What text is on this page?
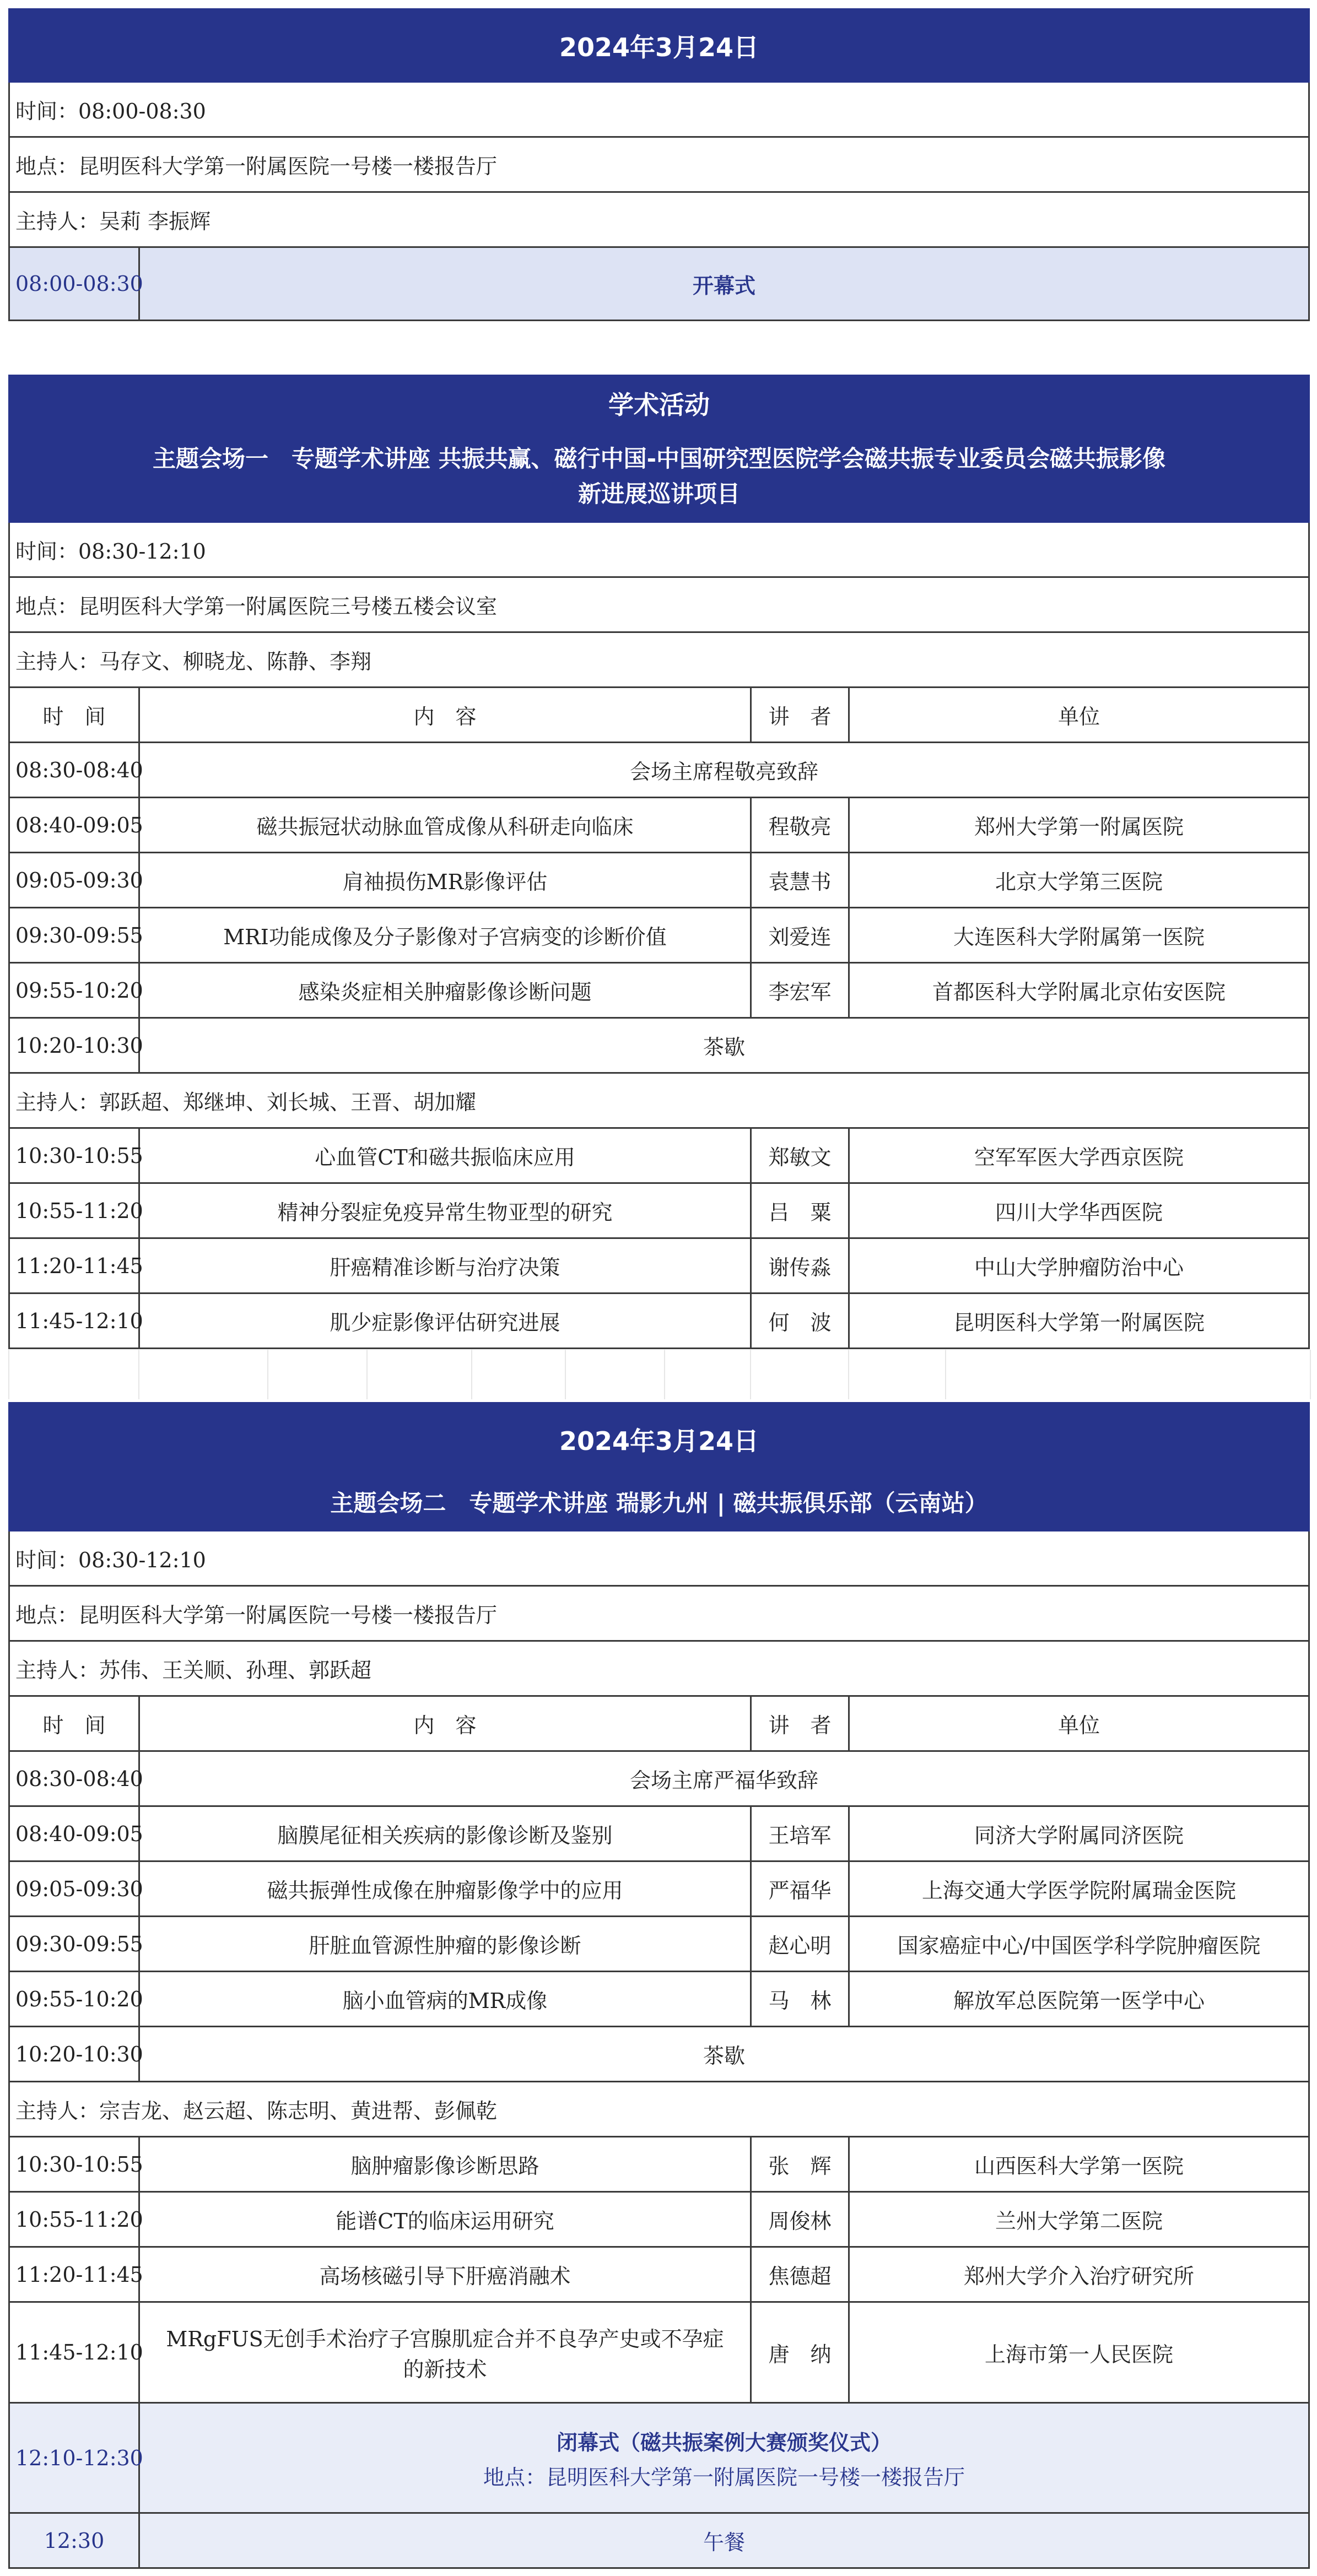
2024年3月24日
时间：08:00-08:30
地点：昆明医科大学第一附属医院一号楼一楼报告厅
主持人：吴莉 李振辉
08:00-08:30	开幕式
学术活动			

主题会场一　专题学术讲座 共振共赢、磁行中国-中国研究型医院学会磁共振专业委员会磁共振影像
新进展巡讲项目			

时间：08:30-12:10			
地点：昆明医科大学第一附属医院三号楼五楼会议室			
主持人：马存文、柳晓龙、陈静、李翔			
时　间	内　容	讲　者	单位
08:30-08:40	会场主席程敬亮致辞		
08:40-09:05	磁共振冠状动脉血管成像从科研走向临床	程敬亮	郑州大学第一附属医院
09:05-09:30	肩袖损伤MR影像评估	袁慧书	北京大学第三医院
09:30-09:55	MRI功能成像及分子影像对子宫病变的诊断价值	刘爱连	大连医科大学附属第一医院
09:55-10:20	感染炎症相关肿瘤影像诊断问题	李宏军	首都医科大学附属北京佑安医院
10:20-10:30	茶歇		
主持人：郭跃超、郑继坤、刘长城、王晋、胡加耀			
10:30-10:55	心血管CT和磁共振临床应用	郑敏文	空军军医大学西京医院
10:55-11:20	精神分裂症免疫异常生物亚型的研究	吕　粟	四川大学华西医院
11:20-11:45	肝癌精准诊断与治疗决策	谢传淼	中山大学肿瘤防治中心
11:45-12:10	肌少症影像评估研究进展	何　波	昆明医科大学第一附属医院
2024年3月24日			
主题会场二　专题学术讲座 瑞影九州 | 磁共振俱乐部（云南站）			
时间：08:30-12:10			
地点：昆明医科大学第一附属医院一号楼一楼报告厅			
主持人：苏伟、王关顺、孙理、郭跃超			
时　间	内　容	讲　者	单位
08:30-08:40	会场主席严福华致辞		
08:40-09:05	脑膜尾征相关疾病的影像诊断及鉴别	王培军	同济大学附属同济医院
09:05-09:30	磁共振弹性成像在肿瘤影像学中的应用	严福华	上海交通大学医学院附属瑞金医院
09:30-09:55	肝脏血管源性肿瘤的影像诊断	赵心明	国家癌症中心/中国医学科学院肿瘤医院
09:55-10:20	脑小血管病的MR成像	马　林	解放军总医院第一医学中心
10:20-10:30	茶歇		
主持人：宗吉龙、赵云超、陈志明、黄进帮、彭佩乾			
10:30-10:55	脑肿瘤影像诊断思路	张　辉	山西医科大学第一医院
10:55-11:20	能谱CT的临床运用研究	周俊林	兰州大学第二医院
11:20-11:45	高场核磁引导下肝癌消融术	焦德超	郑州大学介入治疗研究所
11:45-12:10	MRgFUS无创手术治疗子宫腺肌症合并不良孕产史或不孕症
的新技术	唐　纳	上海市第一人民医院
12:10-12:30	闭幕式（磁共振案例大赛颁奖仪式）
地点：昆明医科大学第一附属医院一号楼一楼报告厅		

12:30	午餐		
